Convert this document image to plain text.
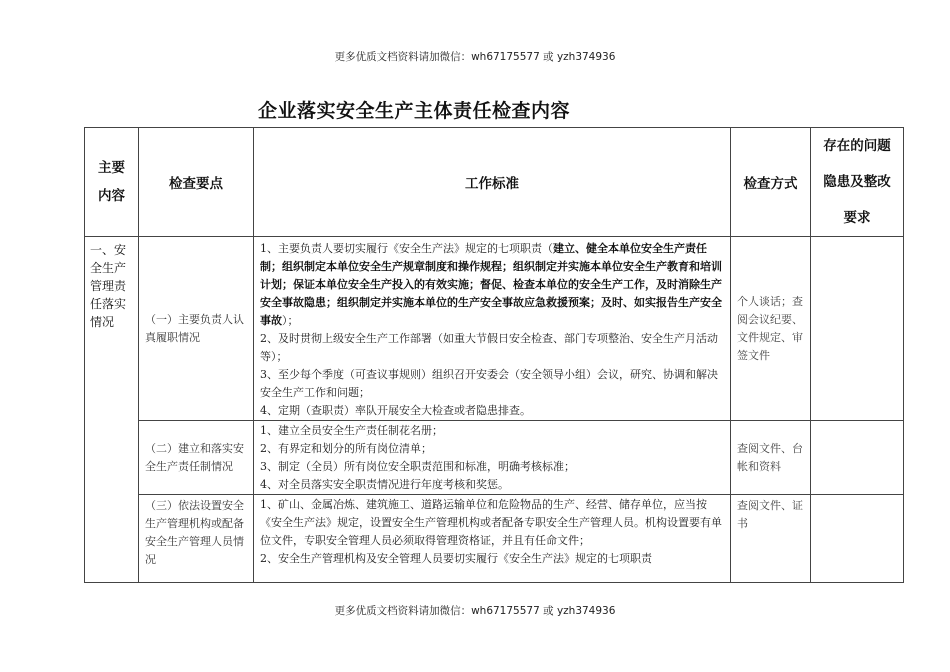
更多优质文档资料请加微信：wh67175577 或 yzh374936
企业落实安全生产主体责任检查内容
主要内容	检查要点	工作标准	检查方式	存在的问题隐患及整改要求

一、安全生产管理责任落实情况	（一）主要负责人认真履职情况	1、主要负责人要切实履行《安全生产法》规定的七项职责（建立、健全本单位安全生产责任制；组织制定本单位安全生产规章制度和操作规程；组织制定并实施本单位安全生产教育和培训计划；保证本单位安全生产投入的有效实施；督促、检查本单位的安全生产工作，及时消除生产安全事故隐患；组织制定并实施本单位的生产安全事故应急救援预案；及时、如实报告生产安全事故）；
2、及时贯彻上级安全生产工作部署（如重大节假日安全检查、部门专项整治、安全生产月活动等）；
3、至少每个季度（可查议事规则）组织召开安委会（安全领导小组）会议，研究、协调和解决安全生产工作和问题；
4、定期（查职责）率队开展安全大检查或者隐患排查。	个人谈话；查阅会议纪要、文件规定、审签文件	

	（二）建立和落实安全生产责任制情况	1、建立全员安全生产责任制花名册；
2、有界定和划分的所有岗位清单；
3、制定（全员）所有岗位安全职责范围和标准，明确考核标准；
4、对全员落实安全职责情况进行年度考核和奖惩。	查阅文件、台帐和资料	

	（三）依法设置安全生产管理机构或配备安全生产管理人员情况	1、矿山、金属冶炼、建筑施工、道路运输单位和危险物品的生产、经营、储存单位，应当按《安全生产法》规定，设置安全生产管理机构或者配备专职安全生产管理人员。机构设置要有单位文件，专职安全管理人员必须取得管理资格证，并且有任命文件；
2、安全生产管理机构及安全管理人员要切实履行《安全生产法》规定的七项职责	查阅文件、证书	

更多优质文档资料请加微信：wh67175577 或 yzh374936
